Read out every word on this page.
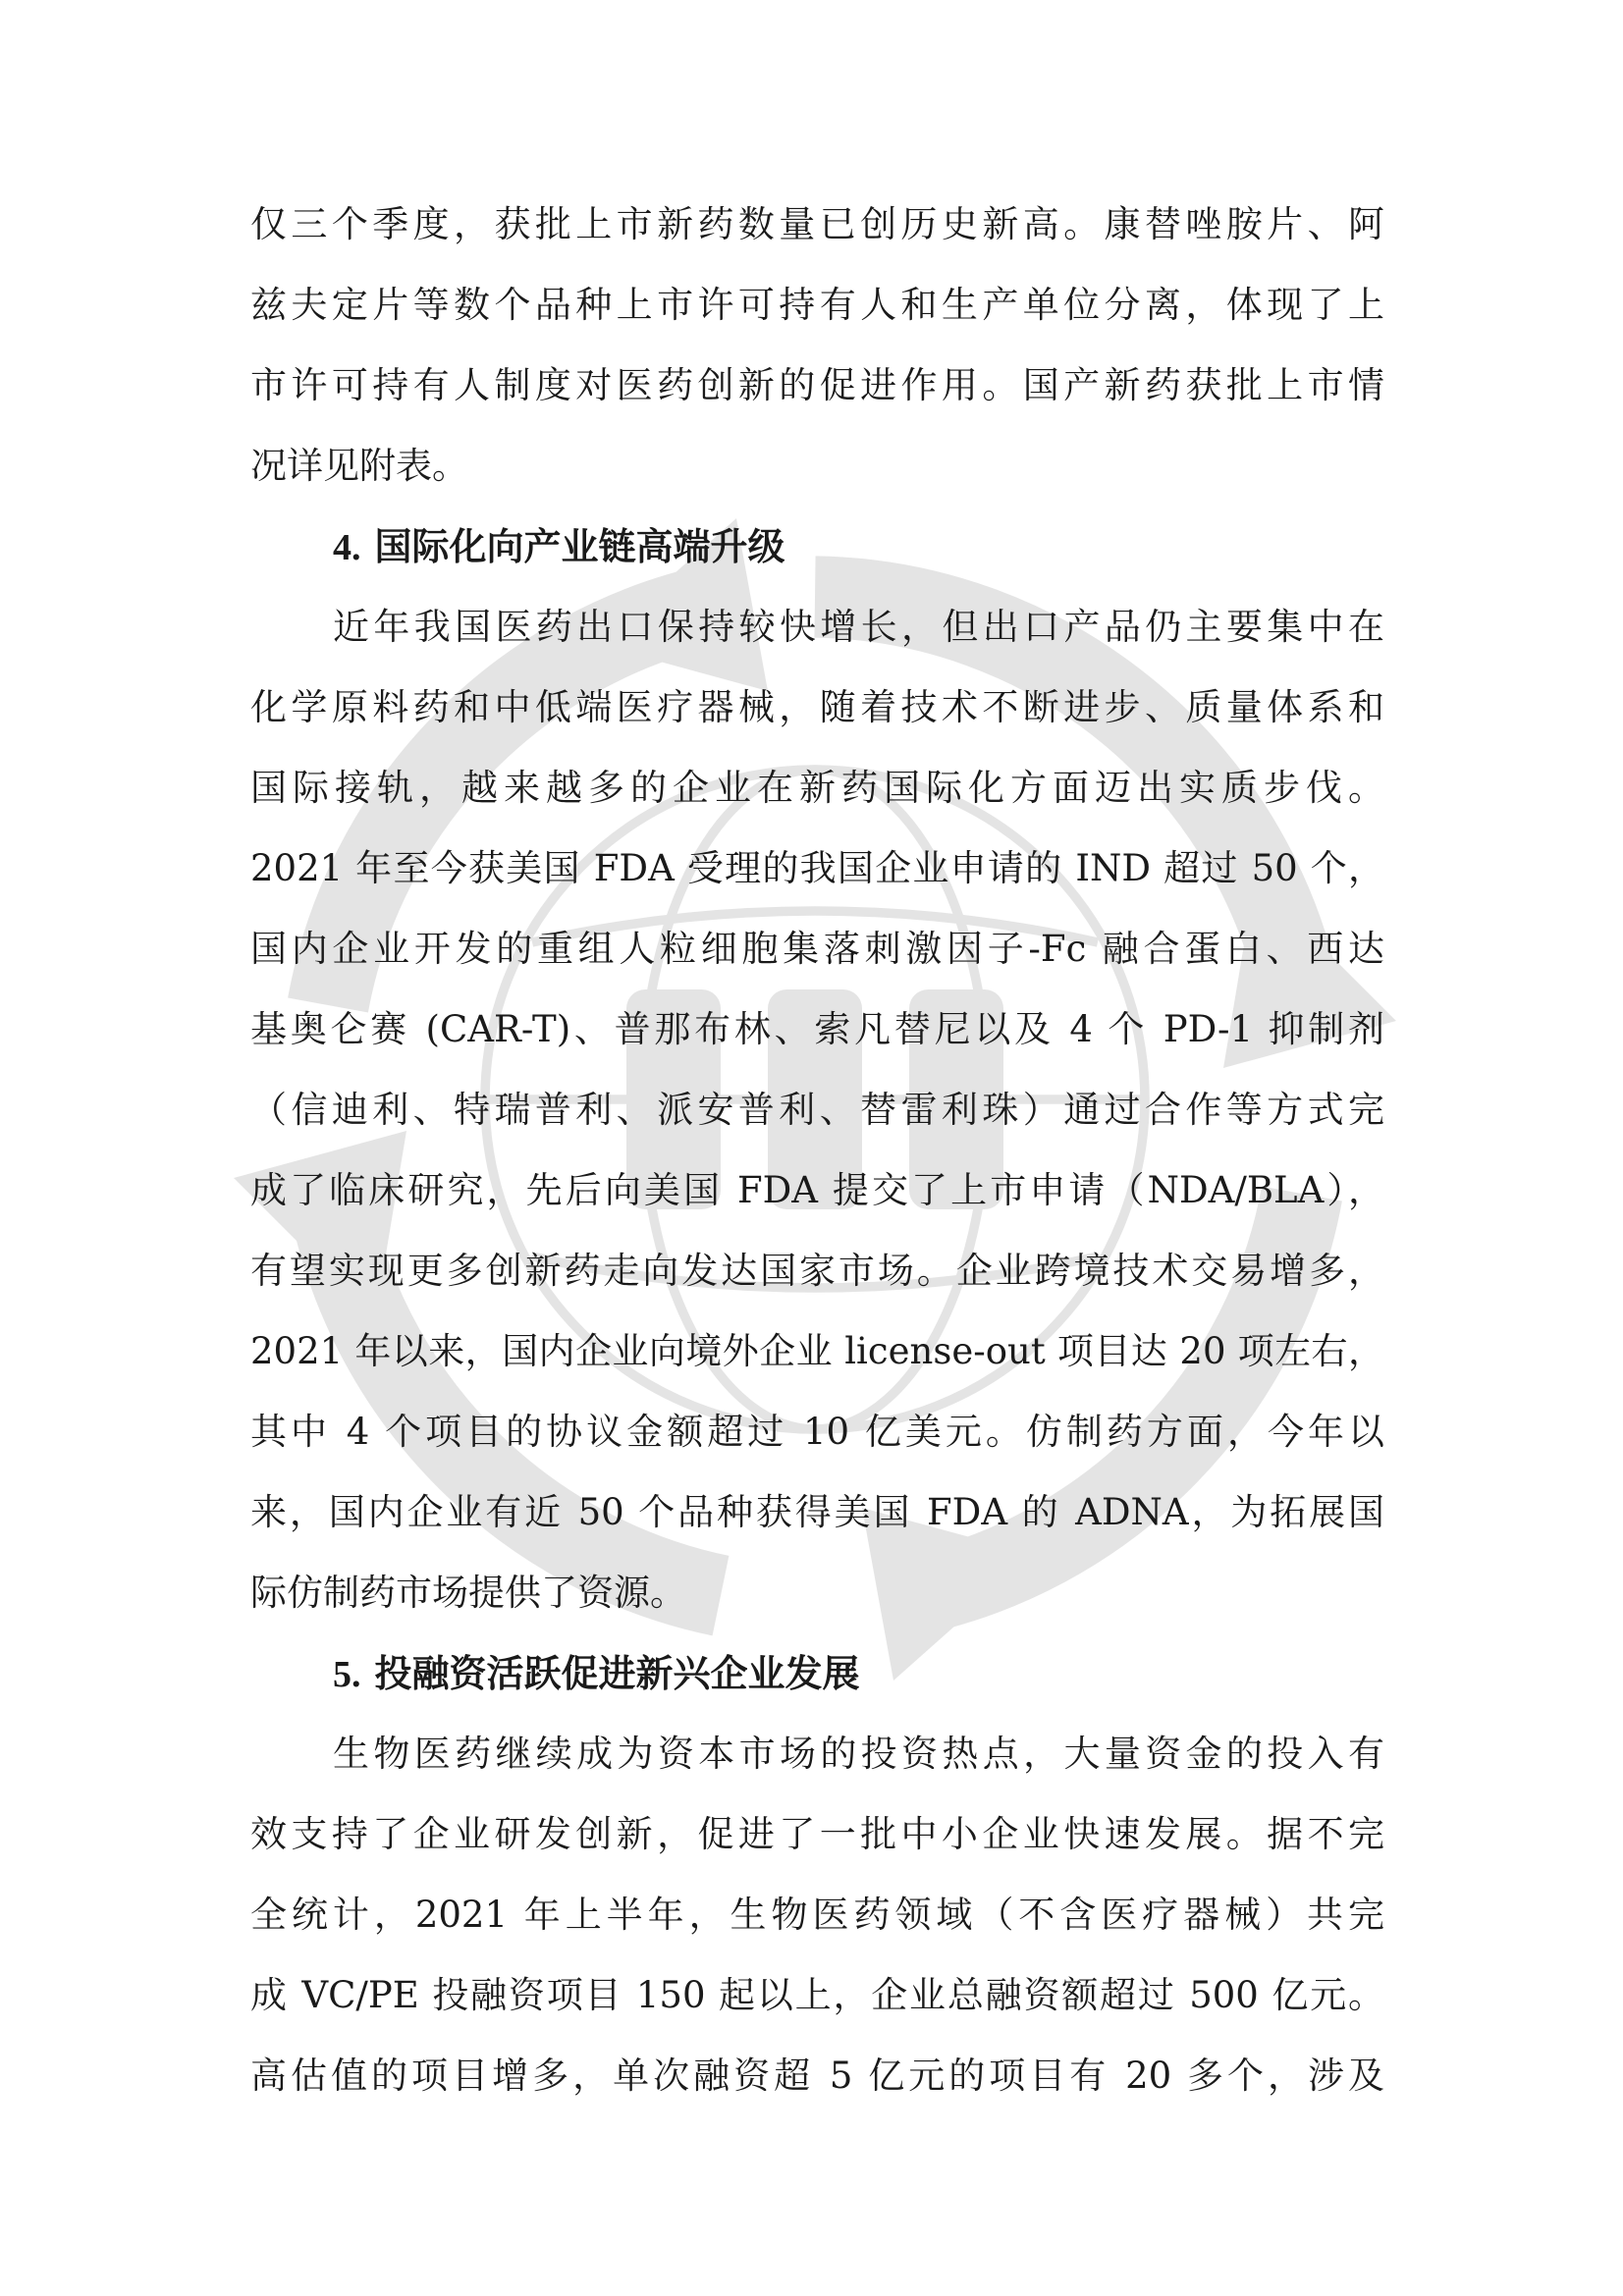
仅三个季度，获批上市新药数量已创历史新高。康替唑胺片、阿
兹夫定片等数个品种上市许可持有人和生产单位分离，体现了上
市许可持有人制度对医药创新的促进作用。国产新药获批上市情
况详见附表。
4. 国际化向产业链高端升级
近年我国医药出口保持较快增长，但出口产品仍主要集中在
化学原料药和中低端医疗器械，随着技术不断进步、质量体系和
国际接轨，越来越多的企业在新药国际化方面迈出实质步伐。
2021 年至今获美国 FDA 受理的我国企业申请的 IND 超过 50 个，
国内企业开发的重组人粒细胞集落刺激因子-Fc 融合蛋白、西达
基奥仑赛 (CAR-T)、普那布林、索凡替尼以及 4 个 PD-1 抑制剂
（信迪利、特瑞普利、派安普利、替雷利珠）通过合作等方式完
成了临床研究，先后向美国 FDA 提交了上市申请（NDA/BLA），
有望实现更多创新药走向发达国家市场。企业跨境技术交易增多，
2021 年以来，国内企业向境外企业 license-out 项目达 20 项左右，
其中 4 个项目的协议金额超过 10 亿美元。仿制药方面，今年以
来，国内企业有近 50 个品种获得美国 FDA 的 ADNA，为拓展国
际仿制药市场提供了资源。
5. 投融资活跃促进新兴企业发展
生物医药继续成为资本市场的投资热点，大量资金的投入有
效支持了企业研发创新，促进了一批中小企业快速发展。据不完
全统计，2021 年上半年，生物医药领域（不含医疗器械）共完
成 VC/PE 投融资项目 150 起以上，企业总融资额超过 500 亿元。
高估值的项目增多，单次融资超 5 亿元的项目有 20 多个，涉及
